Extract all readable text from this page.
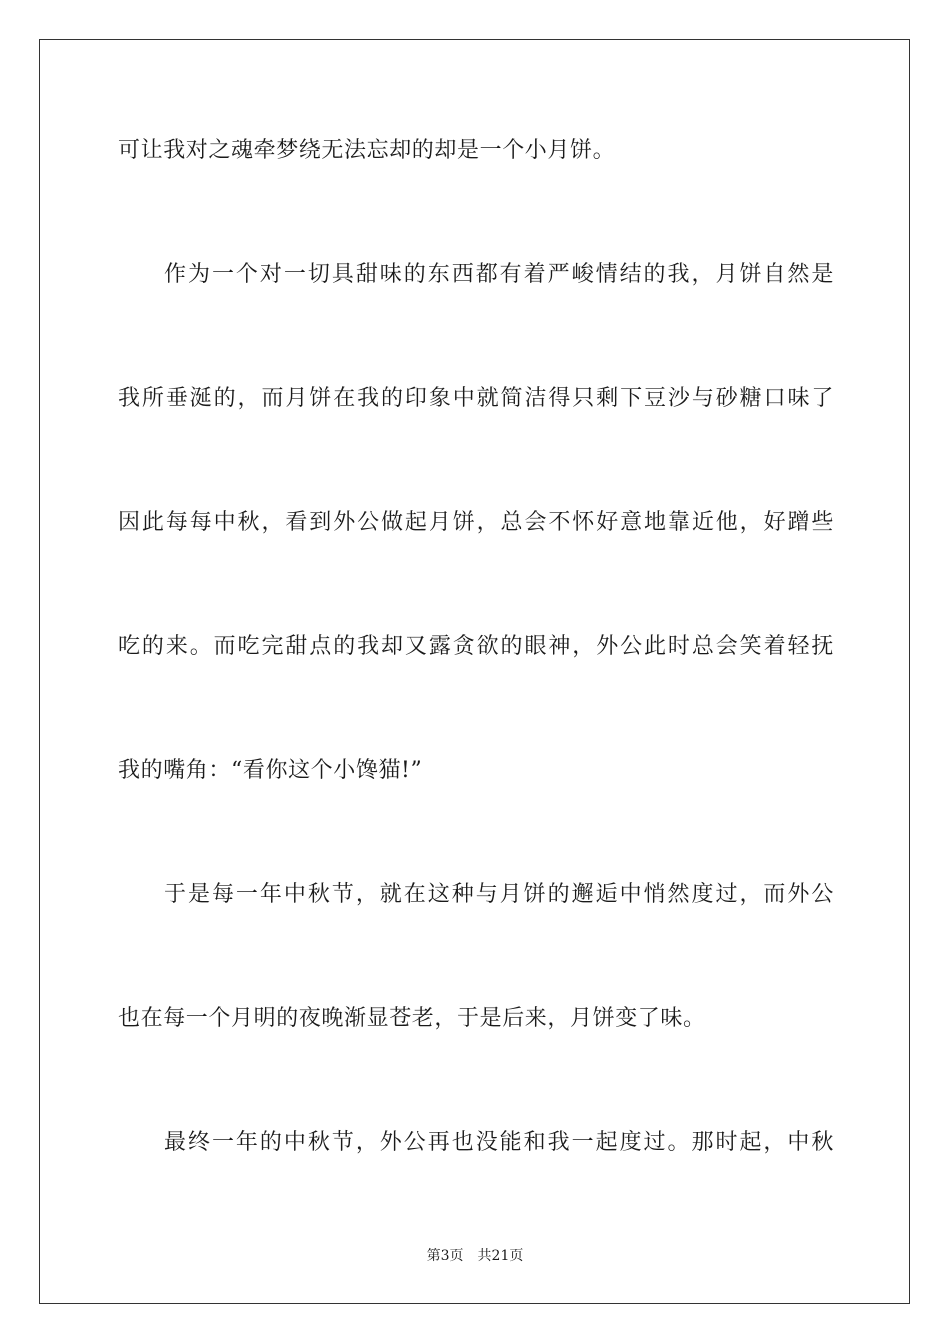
可让我对之魂牵梦绕无法忘却的却是一个小月饼。
作为一个对一切具甜味的东西都有着严峻情结的我，月饼自然是
我所垂涎的，而月饼在我的印象中就简洁得只剩下豆沙与砂糖口味了
因此每每中秋，看到外公做起月饼，总会不怀好意地靠近他，好蹭些
吃的来。而吃完甜点的我却又露贪欲的眼神，外公此时总会笑着轻抚
我的嘴角：“看你这个小馋猫!”
于是每一年中秋节，就在这种与月饼的邂逅中悄然度过，而外公
也在每一个月明的夜晚渐显苍老，于是后来，月饼变了味。
最终一年的中秋节，外公再也没能和我一起度过。那时起，中秋
第3页 共21页
